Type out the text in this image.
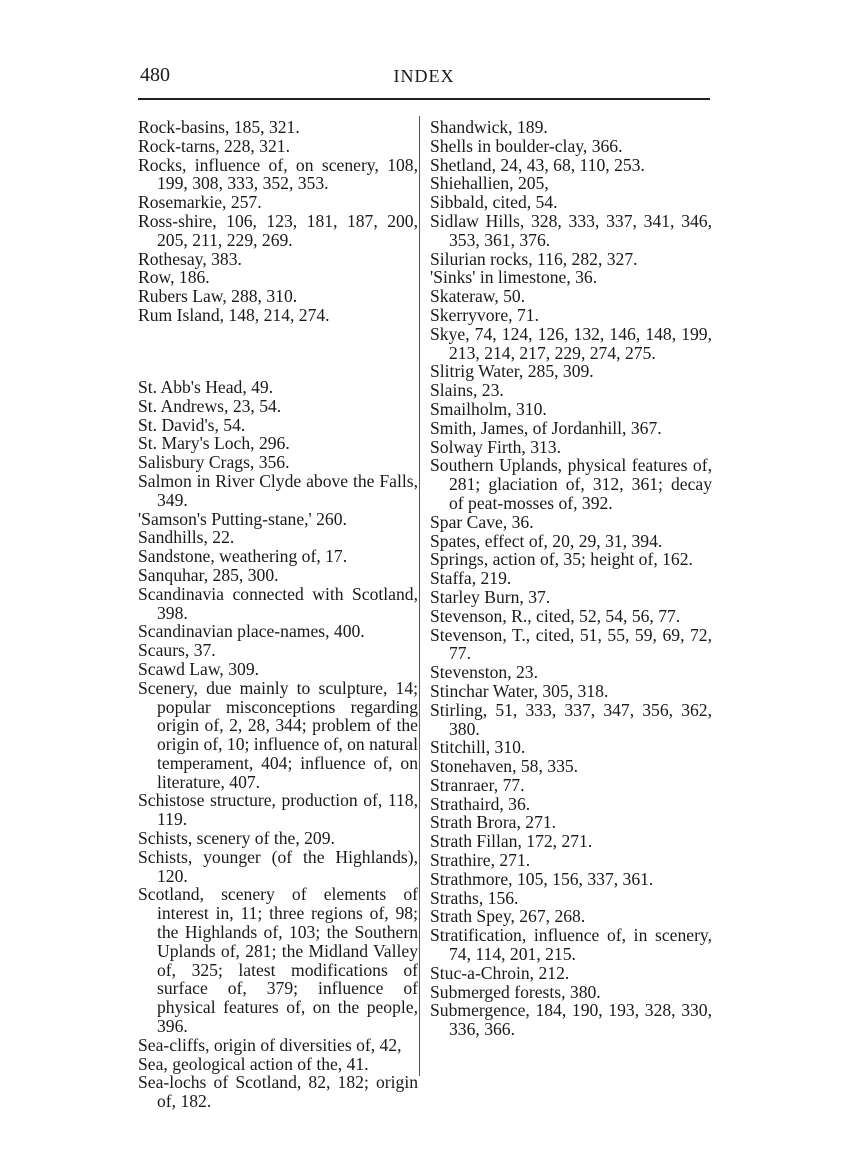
480	INDEX

Rock-basins, 185, 321.

Rock-tarns, 228, 321.

Rocks, influence of, on scenery, 108, 199, 308, 333, 352, 353.

Rosemarkie, 257.

Ross-shire, 106, 123, 181, 187, 200, 205, 211, 229, 269.

Rothesay, 383.

Row, 186.

Rubers Law, 288, 310.

Rum Island, 148, 214, 274.

St. Abb's Head, 49.

St. Andrews, 23, 54.

St. David's, 54.

St. Mary's Loch, 296.

Salisbury Crags, 356.

Salmon in River Clyde above the Falls, 349.

'Samson's Putting-stane,' 260.

Sandhills, 22.

Sandstone, weathering of, 17.

Sanquhar, 285, 300.

Scandinavia connected with Scotland, 398.

Scandinavian place-names, 400.

Scaurs, 37.

Scawd Law, 309.

Scenery, due mainly to sculpture, 14; popular misconceptions regarding origin of, 2, 28, 344; problem of the origin of, 10; influence of, on natural temperament, 404; influence of, on literature, 407.

Schistose structure, production of, 118, 119.

Schists, scenery of the, 209.

Schists, younger (of the Highlands), 120.

Scotland, scenery of elements of interest in, 11; three regions of, 98; the Highlands of, 103; the Southern Uplands of, 281; the Midland Valley of, 325; latest modifications of surface of, 379; influence of physical features of, on the people, 396.

Sea-cliffs, origin of diversities of, 42,

Sea, geological action of the, 41.

Sea-lochs of Scotland, 82, 182; origin of, 182.

Shandwick, 189.

Shells in boulder-clay, 366.

Shetland, 24, 43, 68, 110, 253.

Shiehallien, 205,

Sibbald, cited, 54.

Sidlaw Hills, 328, 333, 337, 341, 346, 353, 361, 376.

Silurian rocks, 116, 282, 327.

'Sinks' in limestone, 36.

Skateraw, 50.

Skerryvore, 71.

Skye, 74, 124, 126, 132, 146, 148, 199, 213, 214, 217, 229, 274, 275.

Slitrig Water, 285, 309.

Slains, 23.

Smailholm, 310.

Smith, James, of Jordanhill, 367.

Solway Firth, 313.

Southern Uplands, physical features of, 281; glaciation of, 312, 361; decay of peat-mosses of, 392.

Spar Cave, 36.

Spates, effect of, 20, 29, 31, 394.

Springs, action of, 35; height of, 162.

Staffa, 219.

Starley Burn, 37.

Stevenson, R., cited, 52, 54, 56, 77.

Stevenson, T., cited, 51, 55, 59, 69, 72, 77.

Stevenston, 23.

Stinchar Water, 305, 318.

Stirling, 51, 333, 337, 347, 356, 362, 380.

Stitchill, 310.

Stonehaven, 58, 335.

Stranraer, 77.

Strathaird, 36.

Strath Brora, 271.

Strath Fillan, 172, 271.

Strathire, 271.

Strathmore, 105, 156, 337, 361.

Straths, 156.

Strath Spey, 267, 268.

Stratification, influence of, in scenery, 74, 114, 201, 215.

Stuc-a-Chroin, 212.

Submerged forests, 380.

Submergence, 184, 190, 193, 328, 330, 336, 366.
